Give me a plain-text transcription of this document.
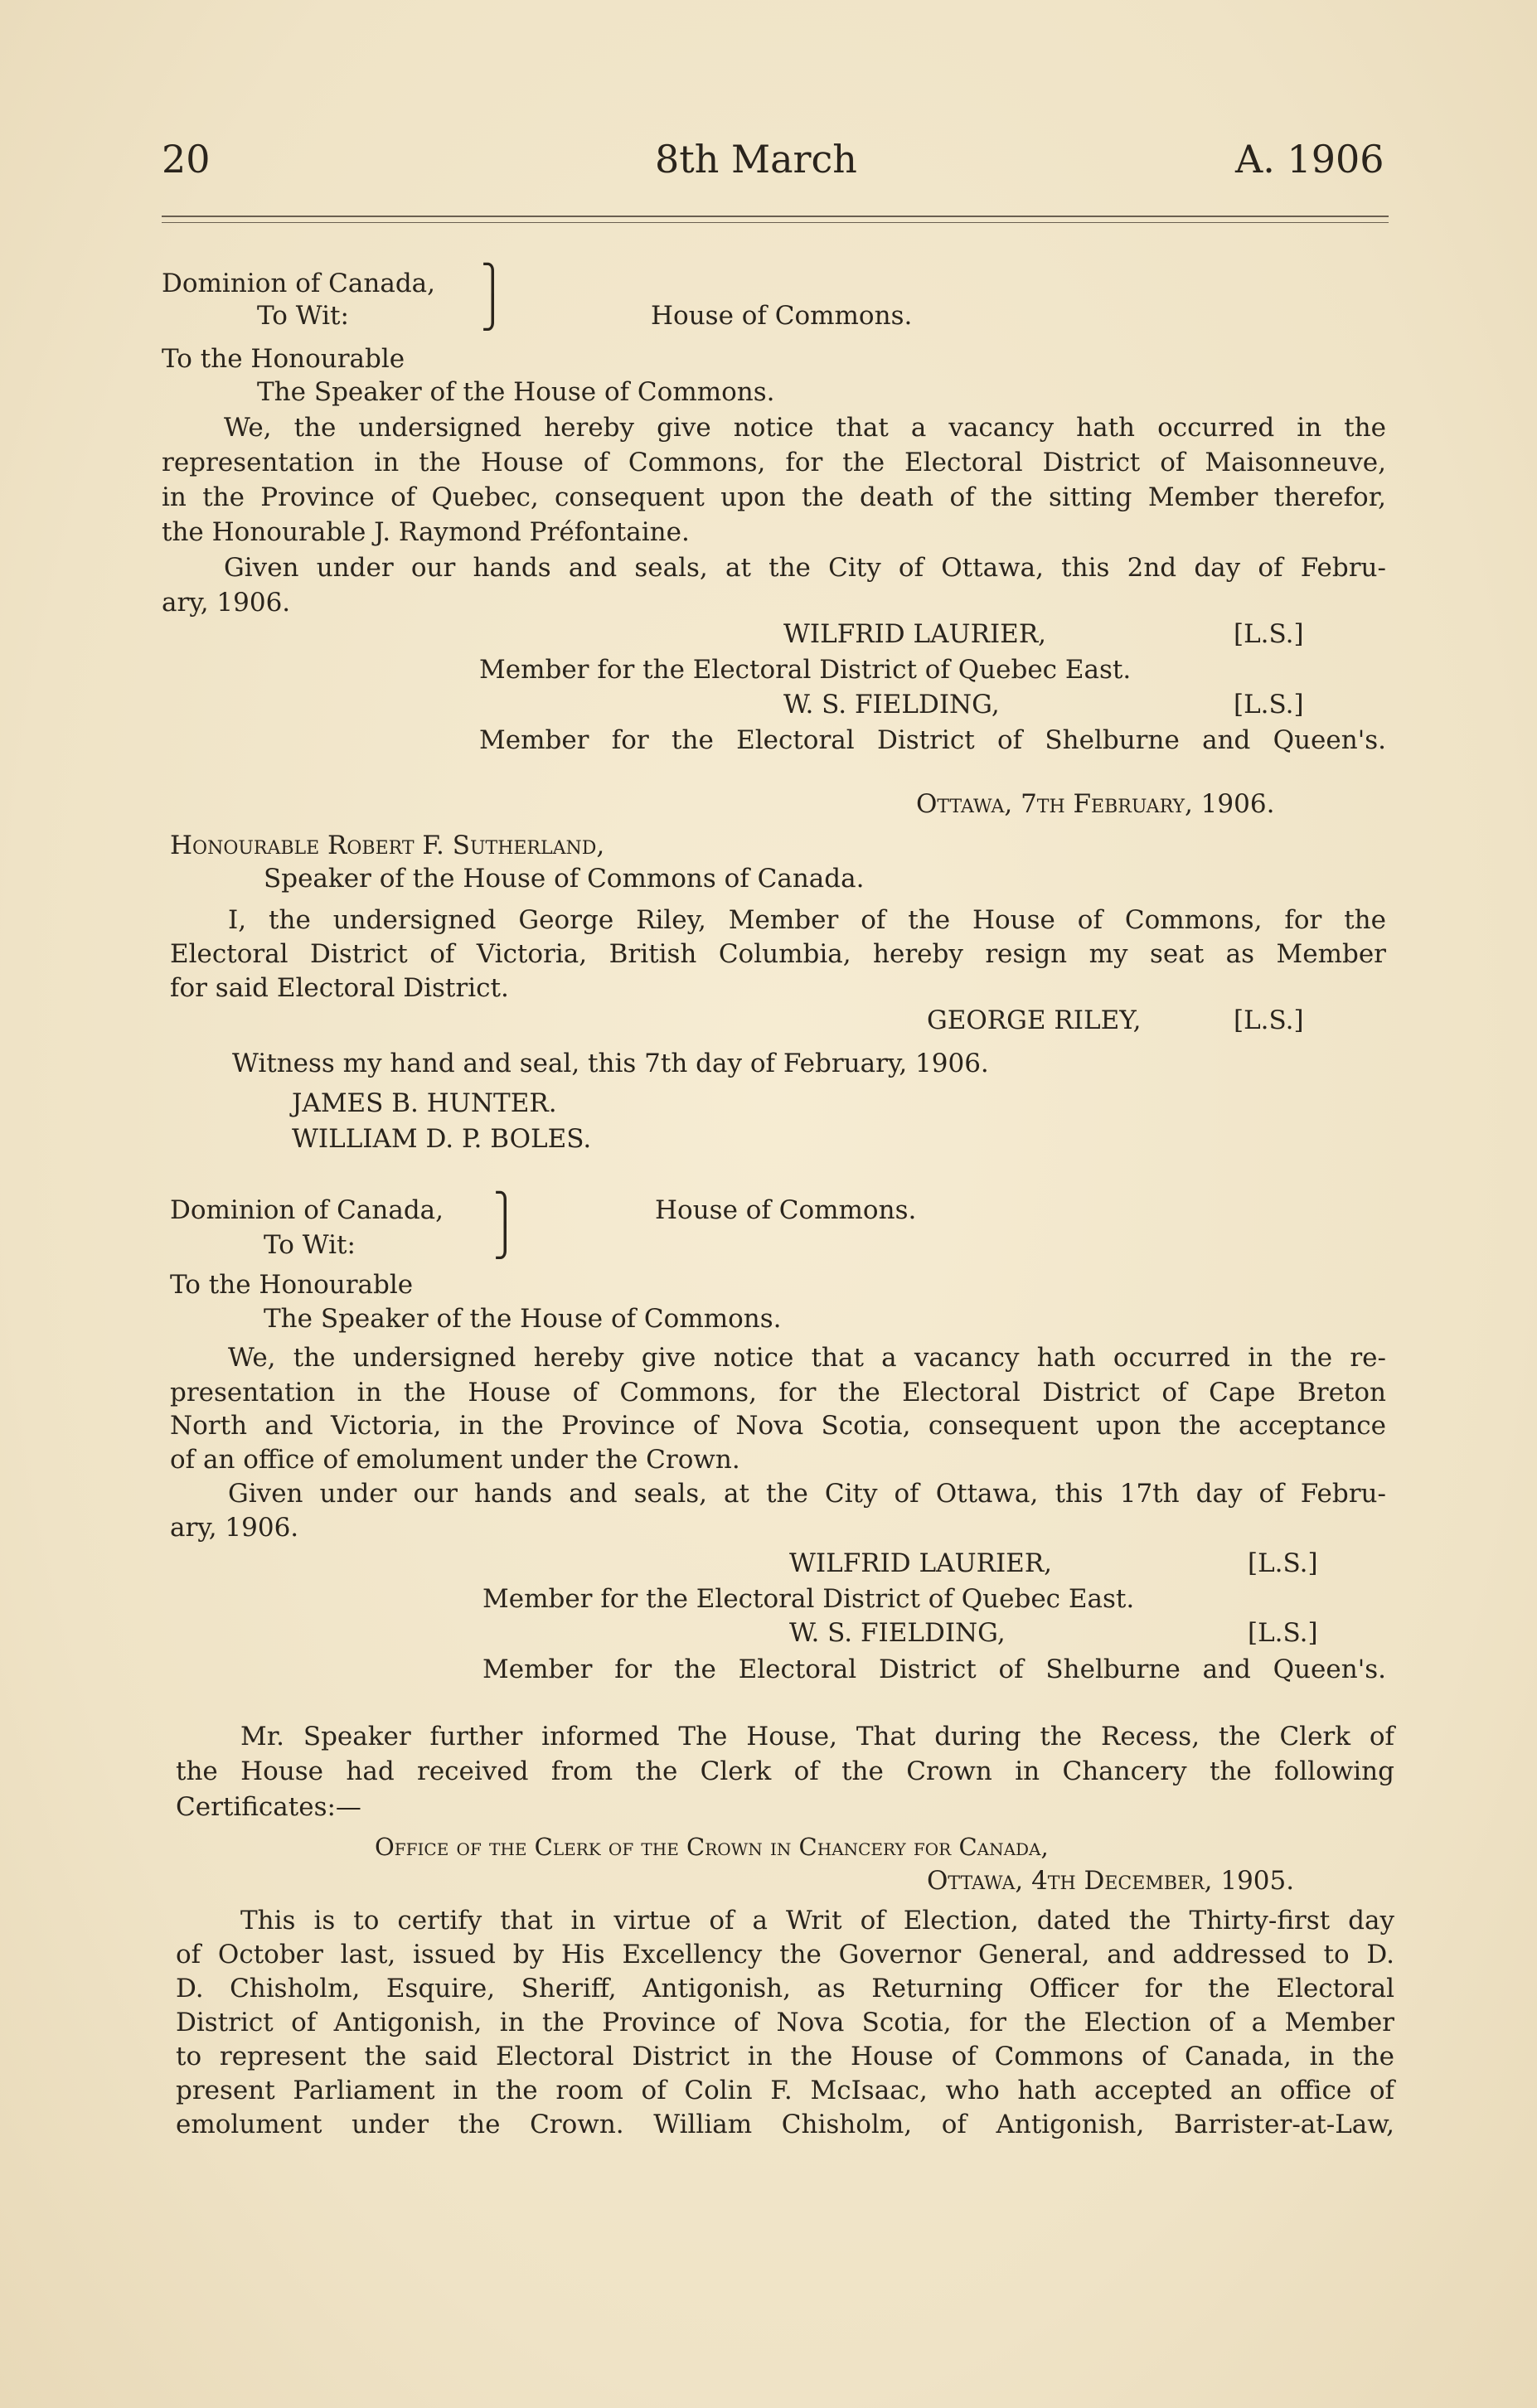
20	8th March	A. 1906
Dominion of Canada,
To Wit:
⎫
⎭	House of Commons.
To the Honourable
The Speaker of the House of Commons.
We, the undersigned hereby give notice that a vacancy hath occurred in the
representation in the House of Commons, for the Electoral District of Maisonneuve,
in the Province of Quebec, consequent upon the death of the sitting Member therefor,
the Honourable J. Raymond Préfontaine.
Given under our hands and seals, at the City of Ottawa, this 2nd day of Febru-
ary, 1906.
WILFRID LAURIER,	[L.S.]
Member for the Electoral District of Quebec East.
W. S. FIELDING,	[L.S.]
Member for the Electoral District of Shelburne and Queen's.
Ottawa, 7th February, 1906.
Honourable Robert F. Sutherland,
Speaker of the House of Commons of Canada.
I, the undersigned George Riley, Member of the House of Commons, for the
Electoral District of Victoria, British Columbia, hereby resign my seat as Member
for said Electoral District.
GEORGE RILEY,	[L.S.]
Witness my hand and seal, this 7th day of February, 1906.
JAMES B. HUNTER.
WILLIAM D. P. BOLES.
Dominion of Canada,
To Wit:
⎫
⎭
House of Commons.
To the Honourable
The Speaker of the House of Commons.
We, the undersigned hereby give notice that a vacancy hath occurred in the re-
presentation in the House of Commons, for the Electoral District of Cape Breton
North and Victoria, in the Province of Nova Scotia, consequent upon the acceptance
of an office of emolument under the Crown.
Given under our hands and seals, at the City of Ottawa, this 17th day of Febru-
ary, 1906.
WILFRID LAURIER,	[L.S.]
Member for the Electoral District of Quebec East.
W. S. FIELDING,	[L.S.]
Member for the Electoral District of Shelburne and Queen's.
Mr. Speaker further informed The House, That during the Recess, the Clerk of
the House had received from the Clerk of the Crown in Chancery the following
Certificates:—
Office of the Clerk of the Crown in Chancery for Canada,
Ottawa, 4th December, 1905.
This is to certify that in virtue of a Writ of Election, dated the Thirty-first day
of October last, issued by His Excellency the Governor General, and addressed to D.
D. Chisholm, Esquire, Sheriff, Antigonish, as Returning Officer for the Electoral
District of Antigonish, in the Province of Nova Scotia, for the Election of a Member
to represent the said Electoral District in the House of Commons of Canada, in the
present Parliament in the room of Colin F. McIsaac, who hath accepted an office of
emolument under the Crown. William Chisholm, of Antigonish, Barrister-at-Law,
